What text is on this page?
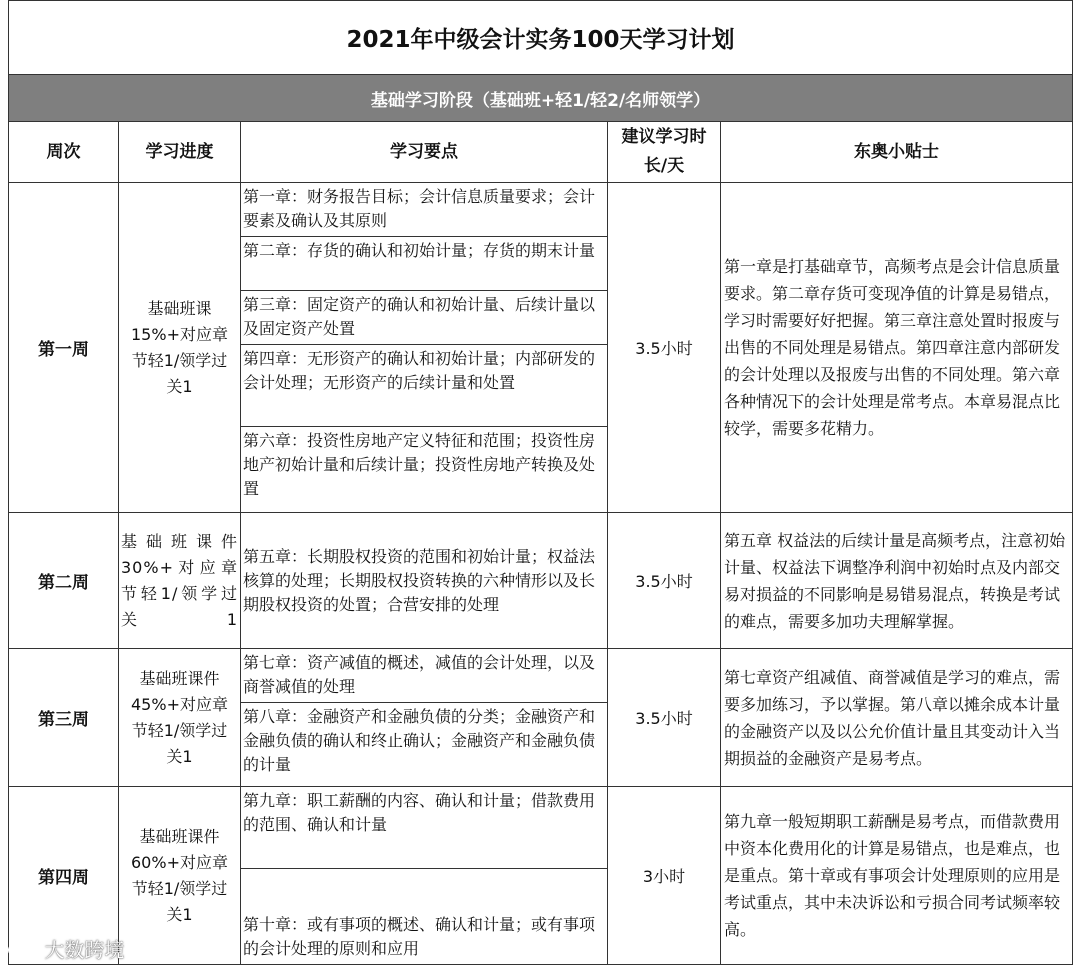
2021年中级会计实务100天学习计划				
基础学习阶段（基础班+轻1/轻2/名师领学）				
周次	学习进度	学习要点	建议学习时长/天	东奥小贴士
第一周	基础班课15%+对应章节轻1/领学过关1	第一章：财务报告目标；会计信息质量要求；会计要素及确认及其原则
第二章：存货的确认和初始计量；存货的期末计量
第三章：固定资产的确认和初始计量、后续计量以及固定资产处置
第四章：无形资产的确认和初始计量；内部研发的会计处理；无形资产的后续计量和处置
第六章：投资性房地产定义特征和范围；投资性房地产初始计量和后续计量；投资性房地产转换及处置	3.5小时	第一章是打基础章节，高频考点是会计信息质量要求。第二章存货可变现净值的计算是易错点，学习时需要好好把握。第三章注意处置时报废与出售的不同处理是易错点。第四章注意内部研发的会计处理以及报废与出售的不同处理。第六章各种情况下的会计处理是常考点。本章易混点比较学，需要多花精力。
第二周	基础班课件30%+对应章节轻1/领学过关1	第五章：长期股权投资的范围和初始计量；权益法核算的处理；长期股权投资转换的六种情形以及长期股权投资的处置；合营安排的处理	3.5小时	第五章 权益法的后续计量是高频考点，注意初始计量、权益法下调整净利润中初始时点及内部交易对损益的不同影响是易错易混点，转换是考试的难点，需要多加功夫理解掌握。
第三周	基础班课件45%+对应章节轻1/领学过关1	第七章：资产减值的概述，减值的会计处理，以及商誉减值的处理
第八章：金融资产和金融负债的分类；金融资产和金融负债的确认和终止确认；金融资产和金融负债的计量	3.5小时	第七章资产组减值、商誉减值是学习的难点，需要多加练习，予以掌握。第八章以摊余成本计量的金融资产以及以公允价值计量且其变动计入当期损益的金融资产是易考点。
第四周	基础班课件60%+对应章节轻1/领学过关1	第九章：职工薪酬的内容、确认和计量；借款费用的范围、确认和计量
第十章：或有事项的概述、确认和计量；或有事项的会计处理的原则和应用	3小时	第九章一般短期职工薪酬是易考点，而借款费用中资本化费用化的计算是易错点，也是难点，也是重点。第十章或有事项会计处理原则的应用是考试重点，其中未决诉讼和亏损合同考试频率较高。
大数跨境
